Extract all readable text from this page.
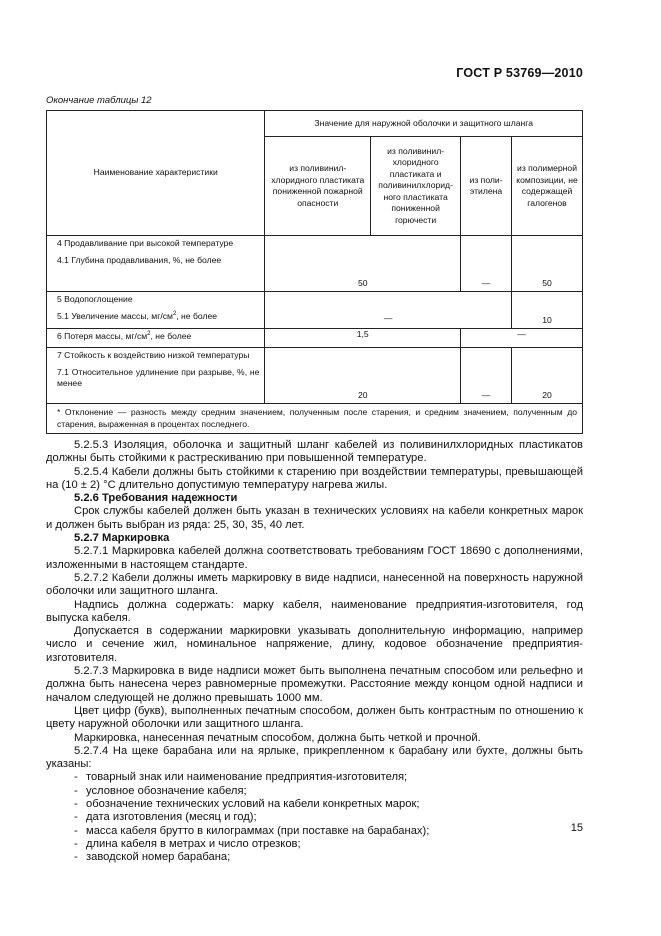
ГОСТ Р 53769—2010
Окончание таблицы 12
Наименование характеристики	Значение для наружной оболочки и защитного шланга			
	из поливинил-хлоридного пластиката пониженной пожарной опасности	из поливинил-хлоридного пластиката и поливинилхлорид-ного пластиката пониженной горючести	из поли-этилена	из полимерной композиции, не содержащей галогенов

4 Продавливание при высокой температуре
4.1 Глубина продавливания, %, не более	50		—	50

5 Водопоглощение
5.1 Увеличение массы, $мг/см^2$, не более	—			10
6 Потеря массы, $мг/см^2$, не более	1,5		—	

7 Стойкость к воздействию низкой температуры
7.1 Относительное удлинение при разрыве, %, не менее	20		—	20
* Отклонение — разность между средним значением, полученным после старения, и средним значением, полученным до старения, выраженная в процентах последнего.				

5.2.5.3 Изоляция, оболочка и защитный шланг кабелей из поливинилхлоридных пластикатов должны быть стойкими к растрескиванию при повышенной температуре.

5.2.5.4 Кабели должны быть стойкими к старению при воздействии температуры, превышающей на (10 ± 2) °С длительно допустимую температуру нагрева жилы.

5.2.6 Требования надежности

Срок службы кабелей должен быть указан в технических условиях на кабели конкретных марок и должен быть выбран из ряда: 25, 30, 35, 40 лет.

5.2.7 Маркировка

5.2.7.1 Маркировка кабелей должна соответствовать требованиям ГОСТ 18690 с дополнениями, изложенными в настоящем стандарте.

5.2.7.2 Кабели должны иметь маркировку в виде надписи, нанесенной на поверхность наружной оболочки или защитного шланга.

Надпись должна содержать: марку кабеля, наименование предприятия-изготовителя, год выпуска кабеля.

Допускается в содержании маркировки указывать дополнительную информацию, например число и сечение жил, номинальное напряжение, длину, кодовое обозначение предприятия-изготовителя.

5.2.7.3 Маркировка в виде надписи может быть выполнена печатным способом или рельефно и должна быть нанесена через равномерные промежутки. Расстояние между концом одной надписи и началом следующей не должно превышать 1000 мм.

Цвет цифр (букв), выполненных печатным способом, должен быть контрастным по отношению к цвету наружной оболочки или защитного шланга.

Маркировка, нанесенная печатным способом, должна быть четкой и прочной.

5.2.7.4 На щеке барабана или на ярлыке, прикрепленном к барабану или бухте, должны быть указаны:

- товарный знак или наименование предприятия-изготовителя;
- условное обозначение кабеля;
- обозначение технических условий на кабели конкретных марок;
- дата изготовления (месяц и год);
- масса кабеля брутто в килограммах (при поставке на барабанах);
- длина кабеля в метрах и число отрезков;
- заводской номер барабана;
15
